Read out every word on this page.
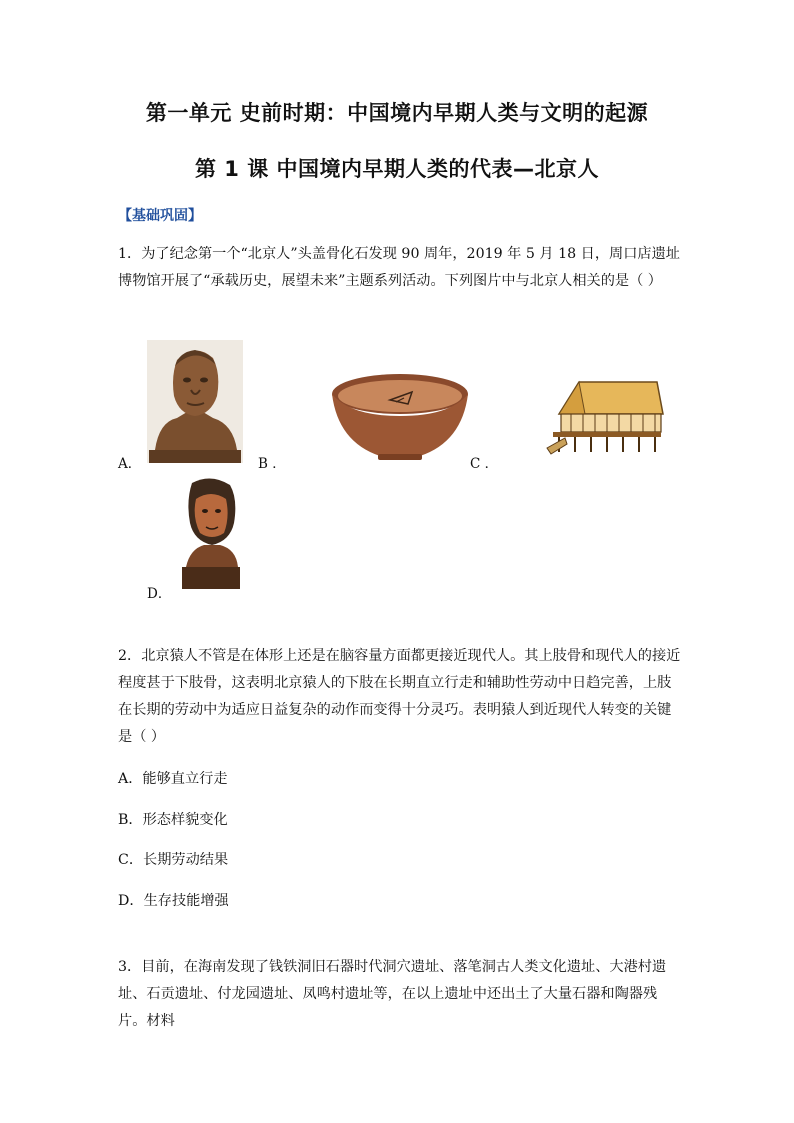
第一单元 史前时期：中国境内早期人类与文明的起源
第 1 课 中国境内早期人类的代表—北京人
【基础巩固】
1．为了纪念第一个“北京人”头盖骨化石发现 90 周年，2019 年 5 月 18 日，周口店遗址博物馆开展了“承载历史，展望未来”主题系列活动。下列图片中与北京人相关的是（ ）
A．	B ．	C ．
D．
2．北京猿人不管是在体形上还是在脑容量方面都更接近现代人。其上肢骨和现代人的接近程度甚于下肢骨，这表明北京猿人的下肢在长期直立行走和辅助性劳动中日趋完善，上肢在长期的劳动中为适应日益复杂的动作而变得十分灵巧。表明猿人到近现代人转变的关键是（ ）
A．能够直立行走
B．形态样貌变化
C．长期劳动结果
D．生存技能增强
3．目前，在海南发现了钱铁洞旧石器时代洞穴遗址、落笔洞古人类文化遗址、大港村遗址、石贡遗址、付龙园遗址、凤鸣村遗址等，在以上遗址中还出土了大量石器和陶器残片。材料
